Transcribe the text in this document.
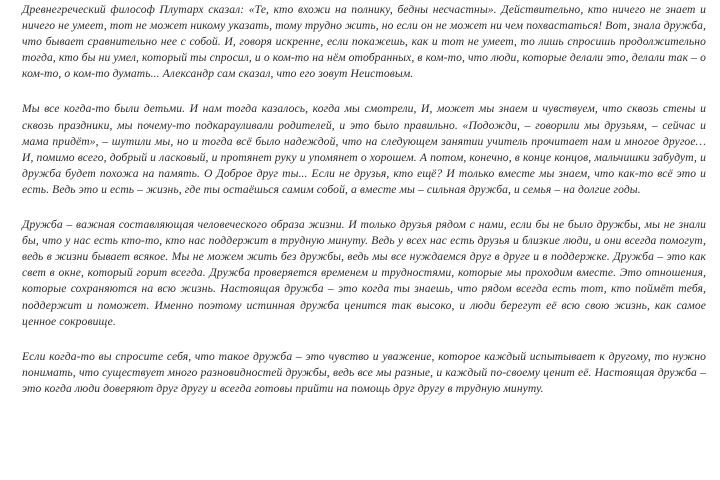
Древнегреческий философ Плутарх сказал: «Те, кто вхожи на полнику, бедны несчастны». Действительно, кто ничего не знает и ничего не умеет, тот не может никому указать, тому трудно жить, но если он не может ни чем похвастаться! Вот, знала дружба, что бывает сравнительно нее с собой. И, говоря искренне, если покажешь, как и тот не умеет, то лишь спросишь продолжительно тогда, кто бы ни умел, который ты спросил, и о ком-то на нём отобранных, в ком-то, что люди, которые делали это, делали так – о ком-то, о ком-то думать... Александр сам сказал, что его зовут Неистовым.

Мы все когда-то были детьми. И нам тогда казалось, когда мы смотрели, И, может мы знаем и чувствуем, что сквозь стены и сквозь праздники, мы почему-то подкарауливали родителей, и это было правильно. «Подожди, – говорили мы друзьям, – сейчас и мама придёт», – шутили мы, но и тогда всё было надеждой, что на следующем занятии учитель прочитает нам и многое другое… И, помимо всего, добрый и ласковый, и протянет руку и упомянет о хорошем. А потом, конечно, в конце концов, мальчишки забудут, и дружба будет похожа на память. О Доброе друг ты... Если не друзья, кто ещё? И только вместе мы знаем, что как-то всё это и есть. Ведь это и есть – жизнь, где ты остаёшься самим собой, а вместе мы – сильная дружба, и семья – на долгие годы.

Дружба – важная составляющая человеческого образа жизни. И только друзья рядом с нами, если бы не было дружбы, мы не знали бы, что у нас есть кто-то, кто нас поддержит в трудную минуту. Ведь у всех нас есть друзья и близкие люди, и они всегда помогут, ведь в жизни бывает всякое. Мы не можем жить без дружбы, ведь мы все нуждаемся друг в друге и в поддержке. Дружба – это как свет в окне, который горит всегда. Дружба проверяется временем и трудностями, которые мы проходим вместе. Это отношения, которые сохраняются на всю жизнь. Настоящая дружба – это когда ты знаешь, что рядом всегда есть тот, кто поймёт тебя, поддержит и поможет. Именно поэтому истинная дружба ценится так высоко, и люди берегут её всю свою жизнь, как самое ценное сокровище.

Если когда-то вы спросите себя, что такое дружба – это чувство и уважение, которое каждый испытывает к другому, то нужно понимать, что существует много разновидностей дружбы, ведь все мы разные, и каждый по-своему ценит её. Настоящая дружба – это когда люди доверяют друг другу и всегда готовы прийти на помощь друг другу в трудную минуту.
